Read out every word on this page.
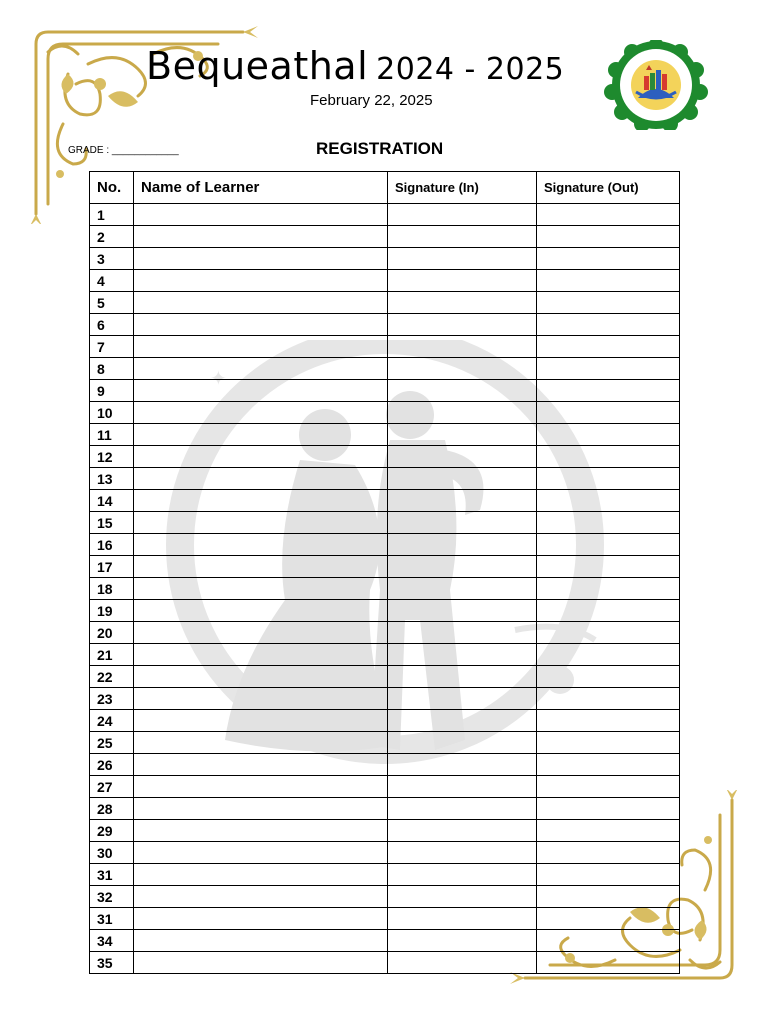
✦
✦
Bequeathal 2024 - 2025
February 22, 2025
GRADE : ____________	REGISTRATION
No.	Name of Learner	Signature (In)	Signature (Out)
1			
2			
3			
4			
5			
6			
7			
8			
9			
10			
11			
12			
13			
14			
15			
16			
17			
18			
19			
20			
21			
22			
23			
24			
25			
26			
27			
28			
29			
30			
31			
32			
31			
34			
35			
